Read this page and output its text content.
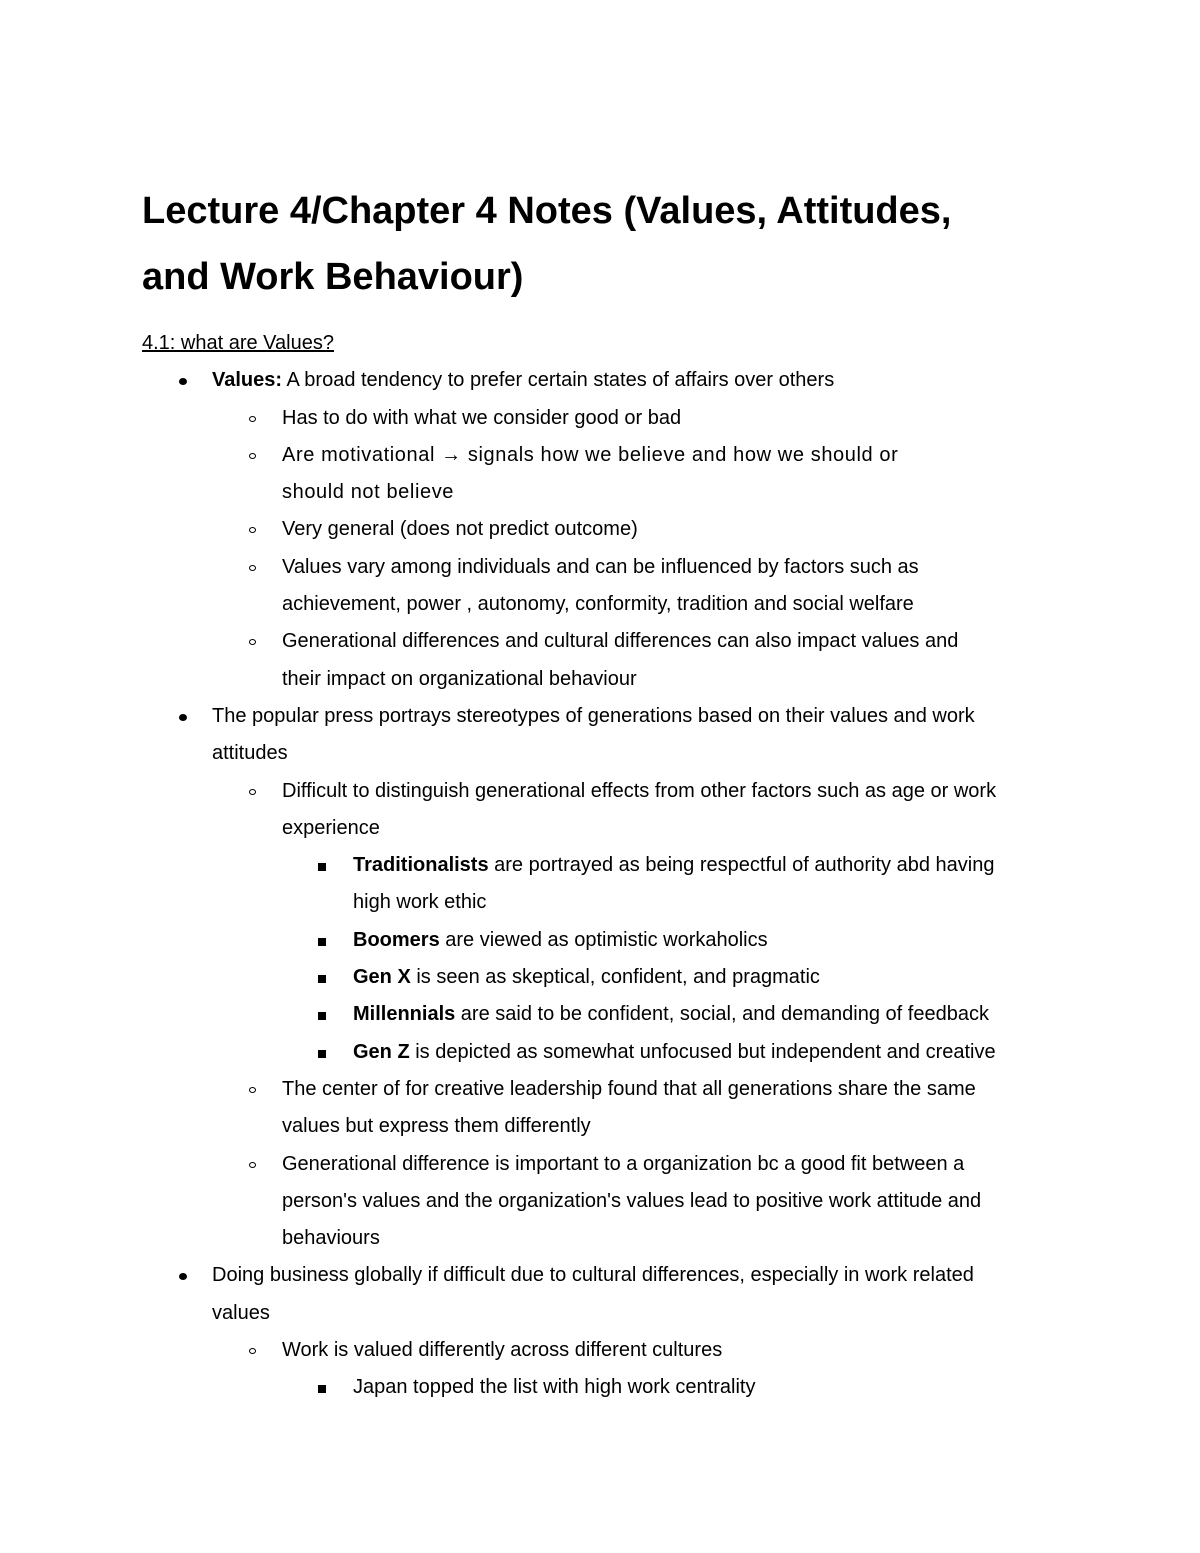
Lecture 4/Chapter 4 Notes (Values, Attitudes,
and Work Behaviour)
4.1: what are Values?
Values: A broad tendency to prefer certain states of affairs over others
Has to do with what we consider good or bad
Are motivational → signals how we believe and how we should or
should not believe
Very general (does not predict outcome)
Values vary among individuals and can be influenced by factors such as
achievement, power , autonomy, conformity, tradition and social welfare
Generational differences and cultural differences can also impact values and
their impact on organizational behaviour
The popular press portrays stereotypes of generations based on their values and work
attitudes
Difficult to distinguish generational effects from other factors such as age or work
experience
Traditionalists are portrayed as being respectful of authority abd having
high work ethic
Boomers are viewed as optimistic workaholics
Gen X is seen as skeptical, confident, and pragmatic
Millennials are said to be confident, social, and demanding of feedback
Gen Z is depicted as somewhat unfocused but independent and creative
The center of for creative leadership found that all generations share the same
values but express them differently
Generational difference is important to a organization bc a good fit between a
person's values and the organization's values lead to positive work attitude and
behaviours
Doing business globally if difficult due to cultural differences, especially in work related
values
Work is valued differently across different cultures
Japan topped the list with high work centrality
